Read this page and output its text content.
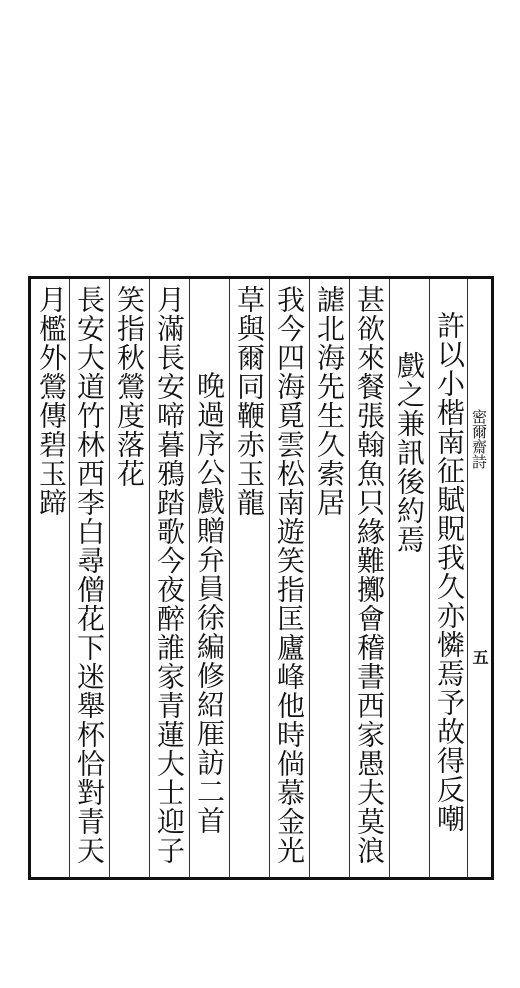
密爾齋詩
五
許以小楷南征賦貺我久亦憐焉予故得反嘲
戲之兼訊後約焉
甚欲來餐張翰魚只緣難擲會稽書西家愚夫莫浪
謔北海先生久索居
我今四海覓雲松南遊笑指匡廬峰他時倘慕金光
草與爾同鞭赤玉龍
晚過序公戲贈弁員徐編修紹㕍訪二首
月滿長安啼暮鴉踏歌今夜醉誰家青蓮大士迎子
笑指秋鶯度落花
長安大道竹林西李白尋僧花下迷舉杯恰對青天
月檻外鶯傳碧玉蹄
